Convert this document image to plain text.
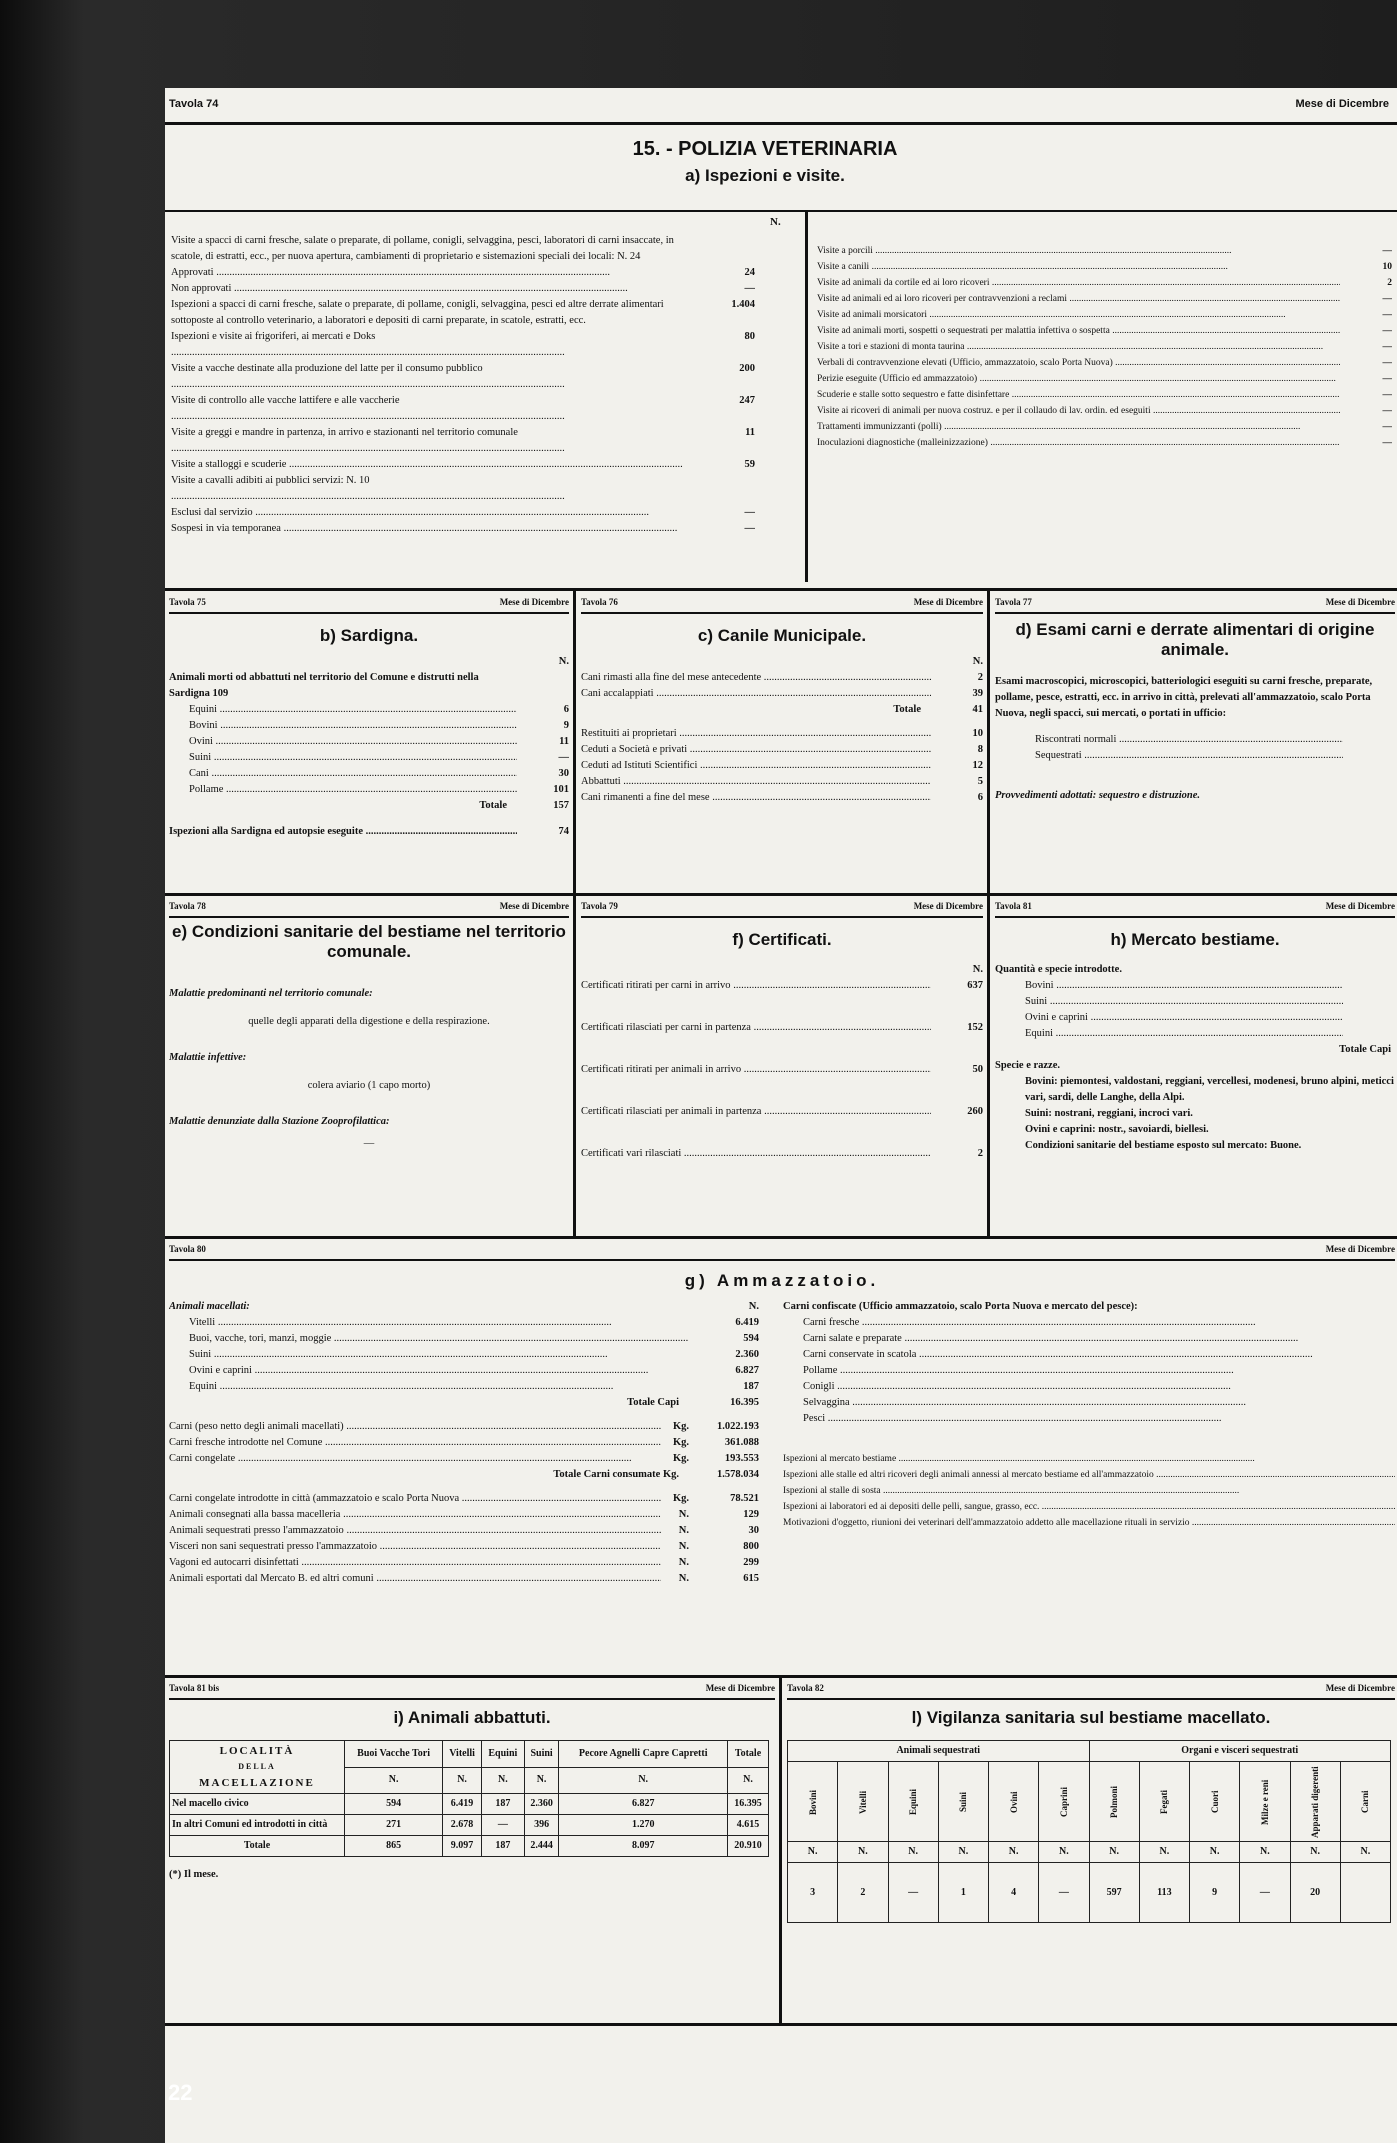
Tavola 74	Mese di Dicembre
15. - POLIZIA VETERINARIA
a) Ispezioni e visite.
Visite a spacci di carni fresche, salate o preparate, di pollame, conigli, selvaggina, pesci, laboratori di carni insaccate, in scatole, di estratti, ecc., per nuova apertura, cambiamenti di proprietario e sistemazioni speciali dei locali: N. 24
Approvati .....	24
Non approvati .....	—
Ispezioni a spacci di carni fresche, salate o preparate, di pollame, conigli, selvaggina, pesci ed altre derrate alimentari sottoposte al controllo veterinario, a laboratori e depositi di carni preparate, in scatole, estratti, ecc.
1.404
Ispezioni e visite ai frigoriferi, ai mercati e Doks .....	80
Visite a vacche destinate alla produzione del latte per il consumo pubblico .....	200
Visite di controllo alle vacche lattifere e alle vaccherie .....	247
Visite a greggi e mandre in partenza, in arrivo e stazionanti nel territorio comunale .....	11
Visite a stalloggi e scuderie .....	59
Visite a cavalli adibiti ai pubblici servizi: N. 10 .....
Esclusi dal servizio .....	—
Sospesi in via temporanea .....	—
N.
Visite a porcili .....	—
Visite a canili .....	10
Visite ad animali da cortile ed ai loro ricoveri .....	2
Visite ad animali ed ai loro ricoveri per contravvenzioni a reclami .....	—
Visite ad animali morsicatori .....	—
Visite ad animali morti, sospetti o sequestrati per malattia infettiva o sospetta .....	—
Visite a tori e stazioni di monta taurina .....	—
Verbali di contravvenzione elevati (Ufficio, ammazzatoio, scalo Porta Nuova) .....	—
Perizie eseguite (Ufficio ed ammazzatoio) .....	—
Scuderie e stalle sotto sequestro e fatte disinfettare .....	—
Visite ai ricoveri di animali per nuova costruz. e per il collaudo di lav. ordin. ed eseguiti .....	—
Trattamenti immunizzanti (polli) .....	—
Inoculazioni diagnostiche (malleinizzazione) .....	—
Tavola 75	Mese di Dicembre
b) Sardigna.
N.
Animali morti od abbattuti nel territorio del Comune e distrutti nella Sardigna 109
Equini .....	6
Bovini .....	9
Ovini .....	11
Suini .....	—
Cani .....	30
Pollame .....	101
Totale	157
Ispezioni alla Sardigna ed autopsie eseguite .....	74
Tavola 76	Mese di Dicembre
c) Canile Municipale.
N.
Cani rimasti alla fine del mese antecedente .....	2
Cani accalappiati .....	39
Totale	41
Restituiti ai proprietari .....	10
Ceduti a Società e privati .....	8
Ceduti ad Istituti Scientifici .....	12
Abbattuti .....	5
Cani rimanenti a fine del mese .....	6
Tavola 77	Mese di Dicembre
d) Esami carni e derrate alimentari di origine animale.
Esami macroscopici, microscopici, batteriologici eseguiti su carni fresche, preparate, pollame, pesce, estratti, ecc. in arrivo in città, prelevati all'ammazzatoio, scalo Porta Nuova, negli spacci, sui mercati, o portati in ufficio:
Riscontrati normali .....
Sequestrati .....
Provvedimenti adottati: sequestro e distruzione.
Tavola 78	Mese di Dicembre
e) Condizioni sanitarie del bestiame nel territorio comunale.
Malattie predominanti nel territorio comunale:
quelle degli apparati della digestione e della respirazione.
Malattie infettive:
colera aviario (1 capo morto)
Malattie denunziate dalla Stazione Zooprofilattica:
—
Tavola 79	Mese di Dicembre
f) Certificati.
N.
Certificati ritirati per carni in arrivo .....	637
Certificati rilasciati per carni in partenza .....	152
Certificati ritirati per animali in arrivo .....	50
Certificati rilasciati per animali in partenza .....	260
Certificati vari rilasciati .....	2
Tavola 81	Mese di Dicembre
h) Mercato bestiame.
Quantità e specie introdotte.
Bovini .....
Suini .....
Ovini e caprini .....
Equini .....
Totale Capi
Specie e razze.
Bovini: piemontesi, valdostani, reggiani, vercellesi, modenesi, bruno alpini, meticci vari, sardi, delle Langhe, della Alpi.
Suini: nostrani, reggiani, incroci vari.
Ovini e caprini: nostr., savoiardi, biellesi.
Condizioni sanitarie del bestiame esposto sul mercato: Buone.
Tavola 80	Mese di Dicembre
g) Ammazzatoio.
Animali macellati:	N.
Vitelli .....	6.419
Buoi, vacche, tori, manzi, moggie .....	594
Suini .....	2.360
Ovini e caprini .....	6.827
Equini .....	187
Totale Capi	16.395
Carni (peso netto degli animali macellati) .....	Kg.	1.022.193
Carni fresche introdotte nel Comune .....	Kg.	361.088
Carni congelate .....	Kg.	193.553
Totale Carni consumate Kg.	1.578.034
Carni congelate introdotte in città (ammazzatoio e scalo Porta Nuova .....	Kg.	78.521
Animali consegnati alla bassa macelleria .....	N.	129
Animali sequestrati presso l'ammazzatoio .....	N.	30
Visceri non sani sequestrati presso l'ammazzatoio .....	N.	800
Vagoni ed autocarri disinfettati .....	N.	299
Animali esportati dal Mercato B. ed altri comuni .....	N.	615
Carni confiscate (Ufficio ammazzatoio, scalo Porta Nuova e mercato del pesce):
Carni fresche .....
Carni salate e preparate .....
Carni conservate in scatola .....
Pollame .....
Conigli .....
Selvaggina .....
Pesci .....
Ispezioni al mercato bestiame .....
Ispezioni alle stalle ed altri ricoveri degli animali annessi al mercato bestiame ed all'ammazzatoio .....
Ispezioni al stalle di sosta .....
Ispezioni ai laboratori ed ai depositi delle pelli, sangue, grasso, ecc. .....
Motivazioni d'oggetto, riunioni dei veterinari dell'ammazzatoio addetto alle macellazione rituali in servizio .....
Tavola 81 bis	Mese di Dicembre
i) Animali abbattuti.
LOCALITÀ
DELLA
MACELLAZIONE	Buoi Vacche Tori	Vitelli	Equini	Suini	Pecore Agnelli Capre Capretti	Totale
	N.	N.	N.	N.	N.	N.
Nel macello civico	594	6.419	187	2.360	6.827	16.395
In altri Comuni ed introdotti in città	271	2.678	—	396	1.270	4.615
Totale	865	9.097	187	2.444	8.097	20.910
(*) Il mese.
Tavola 82	Mese di Dicembre
l) Vigilanza sanitaria sul bestiame macellato.
Animali sequestrati						Organi e visceri sequestrati					
Bovini	Vitelli	Equini	Suini	Ovini	Caprini	Polmoni	Fegati	Cuori	Milze e reni	Apparati digerenti	Carni
N.	N.	N.	N.	N.	N.	N.	N.	N.	N.	N.	N.
3	2	—	1	4	—	597	113	9	—	20	
22
